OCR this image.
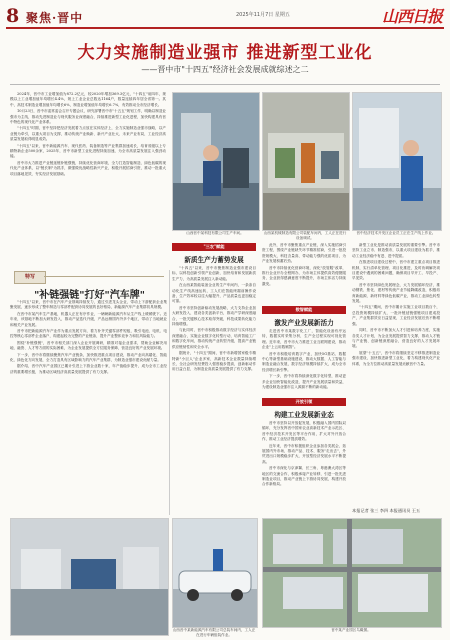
8 聚焦·晋中	2025年11月7日 星期五	山西日报
大力实施制造业强市 推进新型工业化
——晋中市"十四五"经济社会发展成就综述之二

2024年，晋中市工业增加值为872.2亿元，较2020年增加369.3亿元，"十四五"前四年，规模以上工业增加值年均增长4.4%，规上工业企业总数达1164户，数量连续四年居全省第一。其中，高技术制造业增加值年均增长6%，制造业增加值年均增长6.7%，有效推动全市经济增长。

10月23日，晋中市委常委会召开专题会议，研究部署晋中市"十五五"规划工作，明确以制造业强市为主线，推动先进制造业与现代服务业深度融合，持续推进新型工业化进程，加快构建具有晋中特色的现代化产业体系。

"十四五"时期，晋中坚持把经济发展着力点放在实体经济上，全力实施制造业强市战略，以产业链为牵引，以重大项目为支撑，推动传统产业焕新、新兴产业壮大、未来产业布局，工业经济高质量发展取得明显成效。

"十四五"以来，晋中新能源汽车、现代医药、装备制造等产业集群加速成长，培育省级以上专精特新企业500余家，2025年，晋中市新型工业化进程持续加速，为全市高质量发展注入强劲动能。

晋中市大力推进产业链延链补链强链，持续优化营商环境，全力打造智能制造、绿色低碳的现代化产业体系，以"链长制"为抓手，做强做优战略性新兴产业，积极开展招商引资，推动一批重大项目落地见效，夯实经济发展基础。

山西晋中某科技有限公司生产车间。	山西某机械制造有限公司装配车间内，工人正在进行设备调试。
晋中经济技术开发区企业员工正在生产线上作业。
特写
"补链强链"打好"汽车牌"

"十四五"以来，晋中市在汽车产业领域持续发力，通过引进龙头企业，带动上下游配套企业集聚发展，逐步形成了整车制造与零部件配套协同发展的良好格局，新能源汽车产业集群初具规模。

在晋中市某汽车生产基地，机器人正在有序作业，一辆辆新能源汽车从生产线上缓缓驶下。近年来，该基地不断加大研发投入，推动产品迭代升级，产品远销国内外多个地区，带动了当地就业和相关产业发展。

晋中市把新能源汽车产业作为重点发展方向，着力补齐关键零部件短板，吸引电池、电机、电控等核心零部件企业落户，构建起较为完整的产业链条，提升产业整体竞争力和抗风险能力。

围绕"补链强链"，晋中市相关部门深入企业开展调研，精准对接企业需求，帮助企业解决用地、融资、人才等方面的实际困难，为企业发展提供全方位服务保障，营造良好的产业发展环境。

下一步，晋中市将继续聚焦汽车产业链条，加快推进重点项目建设，推动产业向高端化、智能化、绿色化方向发展，全力打造具有区域影响力的汽车产业集群，为制造业强市建设贡献力量。

据介绍，晋中汽车产业园区已累计引进上下游企业数十家，年产值稳步提升，成为全市工业经济的重要增长极，为推动区域经济高质量发展提供了有力支撑。

"三农"赋能
新质生产力蓄势发展

"十四五"以来，晋中市聚焦制造业强市建设目标，以科技创新引领产业创新，加快培育和发展新质生产力，为高质量发展注入新动能。

在山西某智能装备企业的生产车间内，一条条自动化生产线高速运转，工人们在智能终端前操作设备，生产效率较以往大幅提升，产品质量也更加稳定可靠。

晋中市坚持创新驱动发展战略，大力支持企业加大研发投入，建设各类创新平台，推动产学研深度融合，一批关键核心技术取得突破，科技成果转化能力持续增强。

与此同时，晋中市积极推动数字经济与实体经济深度融合，实施企业数字化转型行动，培育智能工厂和数字化车间，推动传统产业转型升级，提高产业链供应链韧性和安全水平。

据统计，"十四五"期间，晋中市新增国家级专精特新"小巨人"企业多家，高新技术企业数量持续增长，全社会研发经费投入强度稳步提高，创新驱动作用日益凸显，为制造业高质量发展提供了有力支撑。

此外，晋中市聚焦重点产业链，深入实施招商引资工程，围绕产业链缺失环节精准招商，引进一批投资规模大、科技含量高、带动能力强的优质项目，为产业发展积蓄后劲。

晋中市持续优化营商环境，深化"放管服"改革，推行企业开办全程网办，为市场主体提供高效便捷服务，企业获得感满意度不断提升，市场主体活力持续激发。

数智赋能
激发产业发展新活力

走进晋中市某数字化工厂，智能化设备有序运转，数据实时采集分析，生产全过程实现可视化管理。近年来，晋中市大力推进工业互联网建设，推动企业"上云用数赋智"。

晋中市积极培育数字产业，加快5G基站、数据中心等新型基础设施建设，推动大数据、人工智能与制造业融合发展，数字经济规模持续扩大，成为全市经济增长新引擎。

下一步，晋中市将持续深化数字化转型，推动更多企业加快智能化改造，提升产业发展质量和效益，为建设制造业强市注入源源不断的新动能。

开放引领
构建工业发展新业态

晋中市坚持以开放促发展，积极融入国内国际双循环，充分发挥晋中国家农业高新技术产业示范区、晋中经济技术开发区等平台作用，扩大对外开放合作，推动工业经济提质增效。

近年来，晋中市积极组织企业参加各类展会，拓展国内外市场，推动产品、技术、服务"走出去"，外贸进出口规模稳步扩大，开放型经济发展水平不断提高。

晋中市深化与京津冀、长三角、粤港澳大湾区等地区的交流合作，积极承接产业转移，引进一批先进制造业项目，推动产业链上下游协同发展，构建开放合作新格局。

新型工业化是推动高质量发展的重要引擎。晋中市坚持工业立市、制造强市，以重大项目建设为抓手，推动工业经济稳中有进、进中提质。

在推进项目建设过程中，晋中市建立重点项目推进机制，实行清单化管理、项目化推进，及时协调解决项目建设中遇到的困难问题，确保项目早开工、早投产、早见效。

晋中市坚持绿色发展理念，大力发展循环经济，推动钢铁、焦化、建材等传统产业节能降碳改造，积极培育新能源、新材料等绿色低碳产业，推动工业绿色转型发展。

"十四五"期间，晋中市累计实施工业项目数百个，总投资规模持续扩大，一批补链延链强链项目建成投产，产业集群效应日益显现，工业经济发展后劲不断增强。

同时，晋中市不断加大人才引进和培养力度，实施各类人才计划，为企业发展提供智力支撑，推动人才链与产业链、创新链深度融合，营造良好的人才发展环境。

展望"十五五"，晋中市将继续坚定不移推进制造业强市建设，加快推进新型工业化，着力构建现代化产业体系，为全方位推动高质量发展贡献晋中力量。

本报记者 张三 李四 本报通讯员 王五
山西晋中某新能源汽车有限公司总装车间内，工人正在进行车辆组装作业。
晋中某产业园区鸟瞰图。
